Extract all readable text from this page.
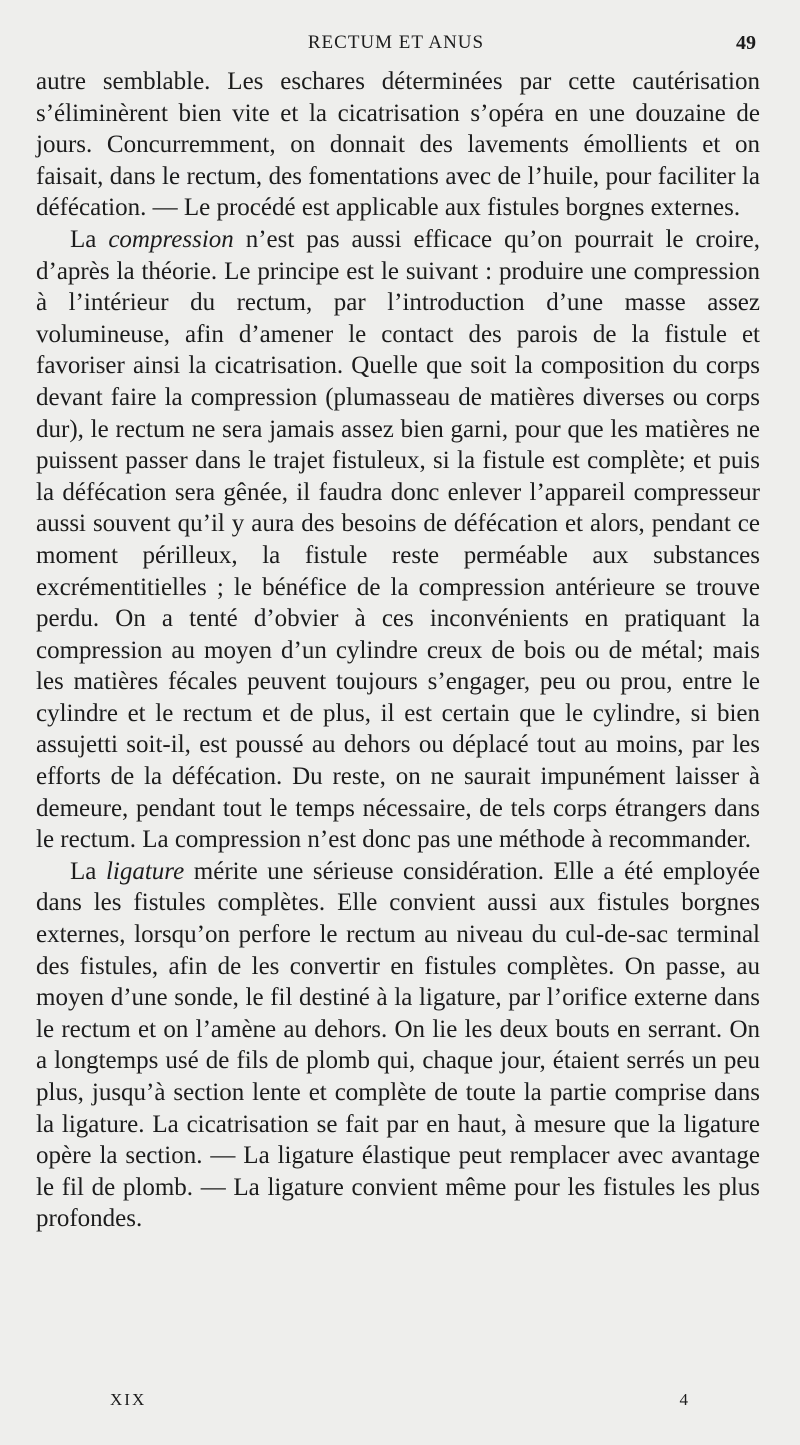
RECTUM ET ANUS	49

autre semblable. Les eschares déterminées par cette cautérisation s’éliminèrent bien vite et la cicatrisation s’opéra en une douzaine de jours. Concurremment, on donnait des lavements émollients et on faisait, dans le rectum, des fomentations avec de l’huile, pour faciliter la défécation. — Le procédé est applicable aux fistules borgnes externes.

La compression n’est pas aussi efficace qu’on pourrait le croire, d’après la théorie. Le principe est le suivant : produire une compression à l’intérieur du rectum, par l’introduction d’une masse assez volumineuse, afin d’amener le contact des parois de la fistule et favoriser ainsi la cicatrisation. Quelle que soit la composition du corps devant faire la compression (plumasseau de matières diverses ou corps dur), le rectum ne sera jamais assez bien garni, pour que les matières ne puissent passer dans le trajet fistuleux, si la fistule est complète; et puis la défécation sera gênée, il faudra donc enlever l’appareil compresseur aussi souvent qu’il y aura des besoins de défécation et alors, pendant ce moment périlleux, la fistule reste perméable aux substances excrémentitielles ; le bénéfice de la compression antérieure se trouve perdu. On a tenté d’obvier à ces inconvénients en pratiquant la compression au moyen d’un cylindre creux de bois ou de métal; mais les matières fécales peuvent toujours s’engager, peu ou prou, entre le cylindre et le rectum et de plus, il est certain que le cylindre, si bien assujetti soit-il, est poussé au dehors ou déplacé tout au moins, par les efforts de la défécation. Du reste, on ne saurait impunément laisser à demeure, pendant tout le temps nécessaire, de tels corps étrangers dans le rectum. La compression n’est donc pas une méthode à recommander.

La ligature mérite une sérieuse considération. Elle a été employée dans les fistules complètes. Elle convient aussi aux fistules borgnes externes, lorsqu’on perfore le rectum au niveau du cul-de-sac terminal des fistules, afin de les convertir en fistules complètes. On passe, au moyen d’une sonde, le fil destiné à la ligature, par l’orifice externe dans le rectum et on l’amène au dehors. On lie les deux bouts en serrant. On a longtemps usé de fils de plomb qui, chaque jour, étaient serrés un peu plus, jusqu’à section lente et complète de toute la partie comprise dans la ligature. La cicatrisation se fait par en haut, à mesure que la ligature opère la section. — La ligature élastique peut remplacer avec avantage le fil de plomb. — La ligature convient même pour les fistules les plus profondes.

XIX	4
